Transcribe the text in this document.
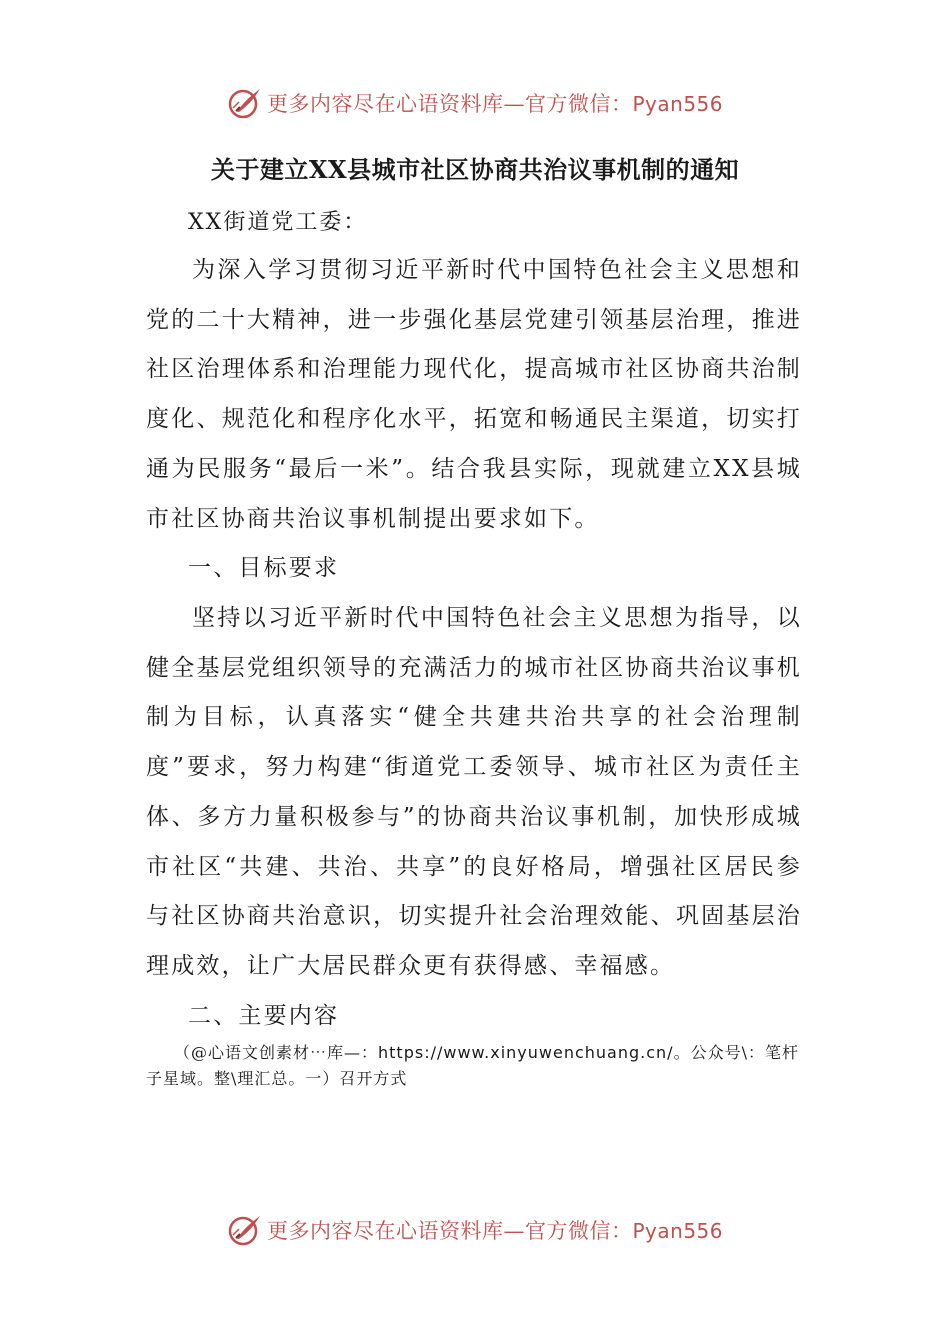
更多内容尽在心语资料库—官方微信：Pyan556
关于建立XX县城市社区协商共治议事机制的通知
XX街道党工委：

为深入学习贯彻习近平新时代中国特色社会主义思想和党的二十大精神，进一步强化基层党建引领基层治理，推进社区治理体系和治理能力现代化，提高城市社区协商共治制度化、规范化和程序化水平，拓宽和畅通民主渠道，切实打通为民服务“最后一米”。结合我县实际，现就建立XX县城市社区协商共治议事机制提出要求如下。

一、目标要求

坚持以习近平新时代中国特色社会主义思想为指导，以健全基层党组织领导的充满活力的城市社区协商共治议事机制为目标，认真落实“健全共建共治共享的社会治理制度”要求，努力构建“街道党工委领导、城市社区为责任主体、多方力量积极参与”的协商共治议事机制，加快形成城市社区“共建、共治、共享”的良好格局，增强社区居民参与社区协商共治意识，切实提升社会治理效能、巩固基层治理成效，让广大居民群众更有获得感、幸福感。

二、主要内容

（@心语文创素材⋯库—：https://www.xinyuwenchuang.cn/。公众号\：笔杆子星域。整\理汇总。一）召开方式

更多内容尽在心语资料库—官方微信：Pyan556
